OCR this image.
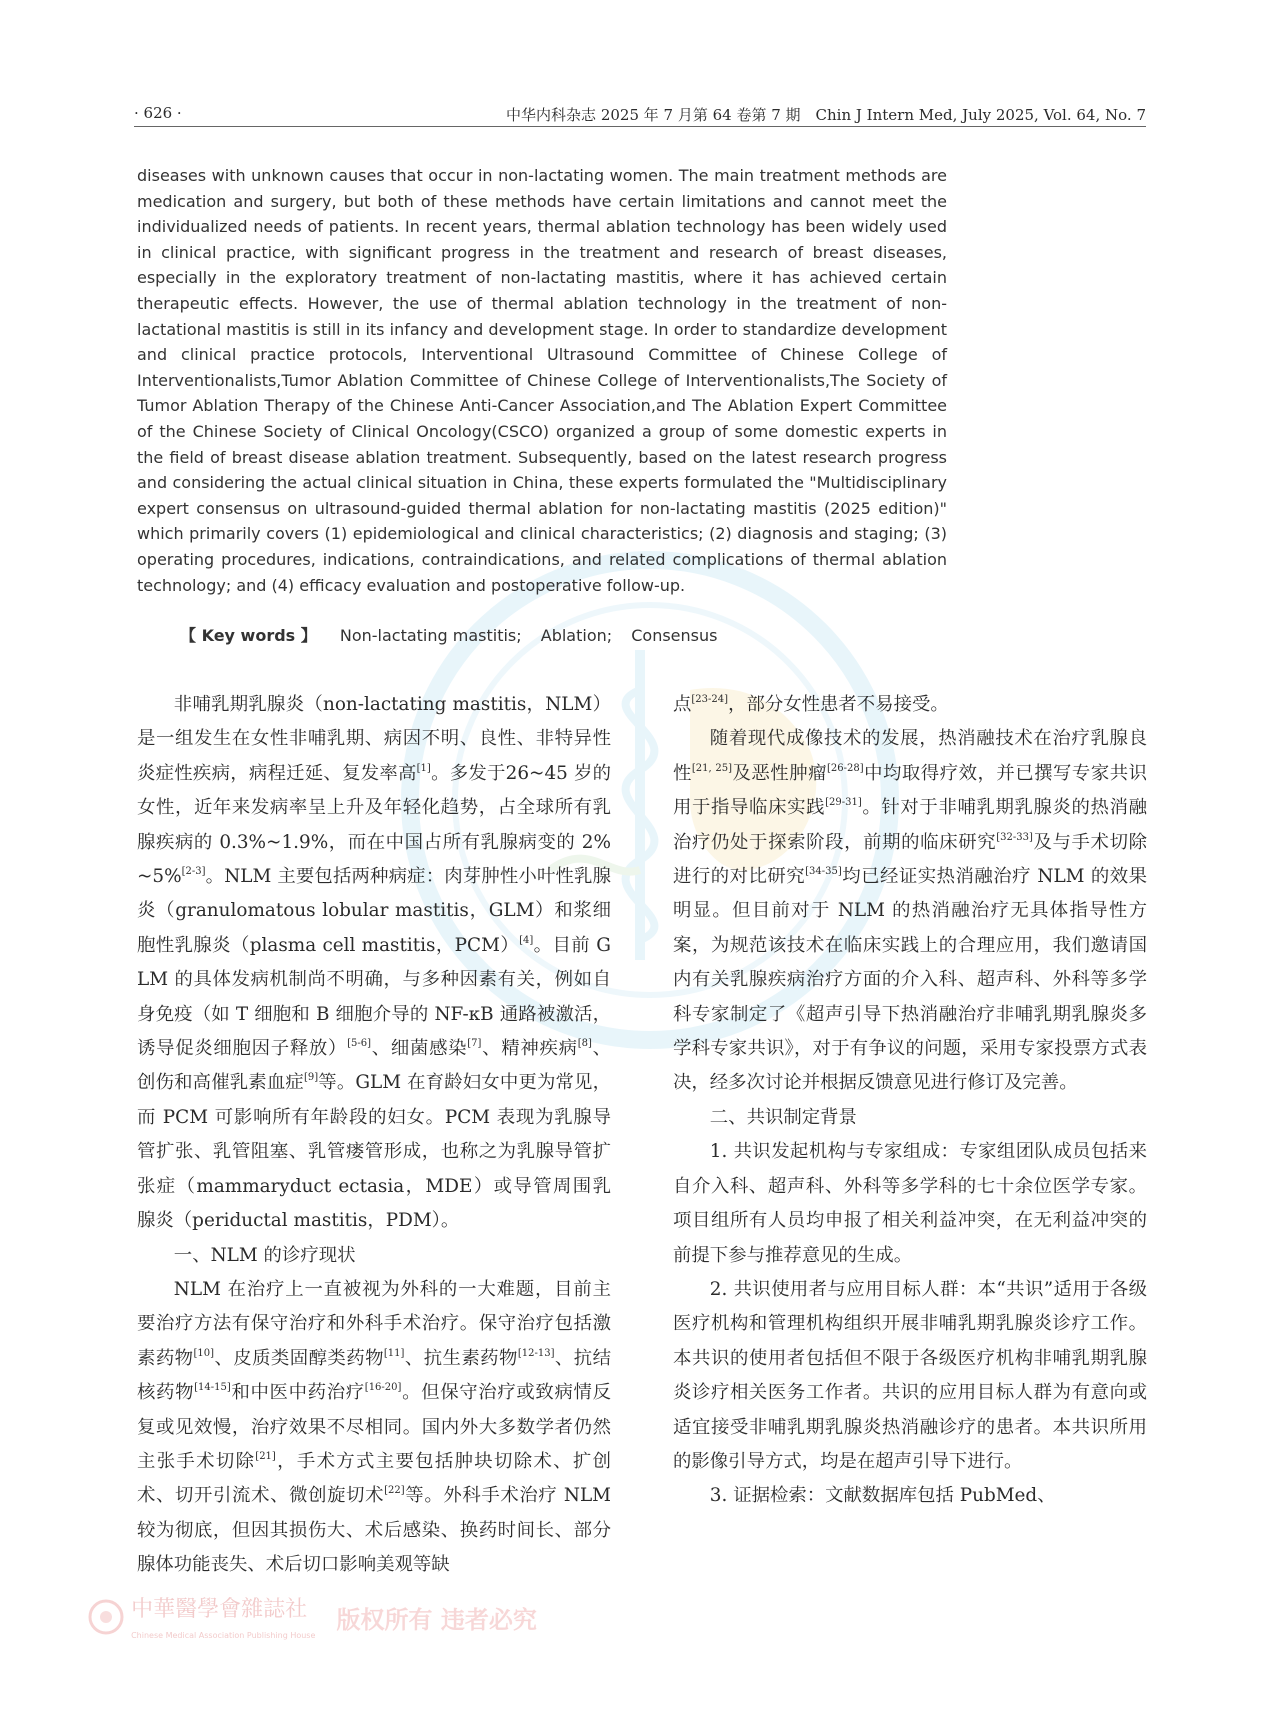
· 626 ·	中华内科杂志 2025 年 7 月第 64 卷第 7 期　Chin J Intern Med, July 2025, Vol. 64, No. 7
diseases with unknown causes that occur in non-lactating women. The main treatment methods are medication and surgery, but both of these methods have certain limitations and cannot meet the individualized needs of patients. In recent years, thermal ablation technology has been widely used in clinical practice, with significant progress in the treatment and research of breast diseases, especially in the exploratory treatment of non-lactating mastitis, where it has achieved certain therapeutic effects. However, the use of thermal ablation technology in the treatment of non-lactational mastitis is still in its infancy and development stage. In order to standardize development and clinical practice protocols, Interventional Ultrasound Committee of Chinese College of Interventionalists,Tumor Ablation Committee of Chinese College of Interventionalists,The Society of Tumor Ablation Therapy of the Chinese Anti-Cancer Association,and The Ablation Expert Committee of the Chinese Society of Clinical Oncology(CSCO) organized a group of some domestic experts in the field of breast disease ablation treatment. Subsequently, based on the latest research progress and considering the actual clinical situation in China, these experts formulated the "Multidisciplinary expert consensus on ultrasound-guided thermal ablation for non-lactating mastitis (2025 edition)" which primarily covers (1) epidemiological and clinical characteristics; (2) diagnosis and staging; (3) operating procedures, indications, contraindications, and related complications of thermal ablation technology; and (4) efficacy evaluation and postoperative follow-up.
【 Key words 】 Non-lactating mastitis; Ablation; Consensus

非哺乳期乳腺炎（non-lactating mastitis，NLM）是一组发生在女性非哺乳期、病因不明、良性、非特异性炎症性疾病，病程迁延、复发率高[1]。多发于26~45 岁的女性，近年来发病率呈上升及年轻化趋势，占全球所有乳腺疾病的 0.3%~1.9%，而在中国占所有乳腺病变的 2%~5%[2-3]。NLM 主要包括两种病症：肉芽肿性小叶性乳腺炎（granulomatous lobular mastitis，GLM）和浆细胞性乳腺炎（plasma cell mastitis，PCM）[4]。目前 GLM 的具体发病机制尚不明确，与多种因素有关，例如自身免疫（如 T 细胞和 B 细胞介导的 NF-κB 通路被激活，诱导促炎细胞因子释放）[5-6]、细菌感染[7]、精神疾病[8]、创伤和高催乳素血症[9]等。GLM 在育龄妇女中更为常见，而 PCM 可影响所有年龄段的妇女。PCM 表现为乳腺导管扩张、乳管阻塞、乳管瘘管形成，也称之为乳腺导管扩张症（mammaryduct ectasia，MDE）或导管周围乳腺炎（periductal mastitis，PDM）。

一、NLM 的诊疗现状

NLM 在治疗上一直被视为外科的一大难题，目前主要治疗方法有保守治疗和外科手术治疗。保守治疗包括激素药物[10]、皮质类固醇类药物[11]、抗生素药物[12-13]、抗结核药物[14-15]和中医中药治疗[16-20]。但保守治疗或致病情反复或见效慢，治疗效果不尽相同。国内外大多数学者仍然主张手术切除[21]，手术方式主要包括肿块切除术、扩创术、切开引流术、微创旋切术[22]等。外科手术治疗 NLM 较为彻底，但因其损伤大、术后感染、换药时间长、部分腺体功能丧失、术后切口影响美观等缺

点[23-24]，部分女性患者不易接受。

随着现代成像技术的发展，热消融技术在治疗乳腺良性[21, 25]及恶性肿瘤[26-28]中均取得疗效，并已撰写专家共识用于指导临床实践[29-31]。针对于非哺乳期乳腺炎的热消融治疗仍处于探索阶段，前期的临床研究[32-33]及与手术切除进行的对比研究[34-35]均已经证实热消融治疗 NLM 的效果明显。但目前对于 NLM 的热消融治疗无具体指导性方案，为规范该技术在临床实践上的合理应用，我们邀请国内有关乳腺疾病治疗方面的介入科、超声科、外科等多学科专家制定了《超声引导下热消融治疗非哺乳期乳腺炎多学科专家共识》，对于有争议的问题，采用专家投票方式表决，经多次讨论并根据反馈意见进行修订及完善。

二、共识制定背景

1. 共识发起机构与专家组成：专家组团队成员包括来自介入科、超声科、外科等多学科的七十余位医学专家。项目组所有人员均申报了相关利益冲突，在无利益冲突的前提下参与推荐意见的生成。

2. 共识使用者与应用目标人群：本“共识”适用于各级医疗机构和管理机构组织开展非哺乳期乳腺炎诊疗工作。本共识的使用者包括但不限于各级医疗机构非哺乳期乳腺炎诊疗相关医务工作者。共识的应用目标人群为有意向或适宜接受非哺乳期乳腺炎热消融诊疗的患者。本共识所用的影像引导方式，均是在超声引导下进行。

3. 证据检索：文献数据库包括 PubMed、

中華醫學會雜誌社
Chinese Medical Association Publishing House 版权所有 违者必究
